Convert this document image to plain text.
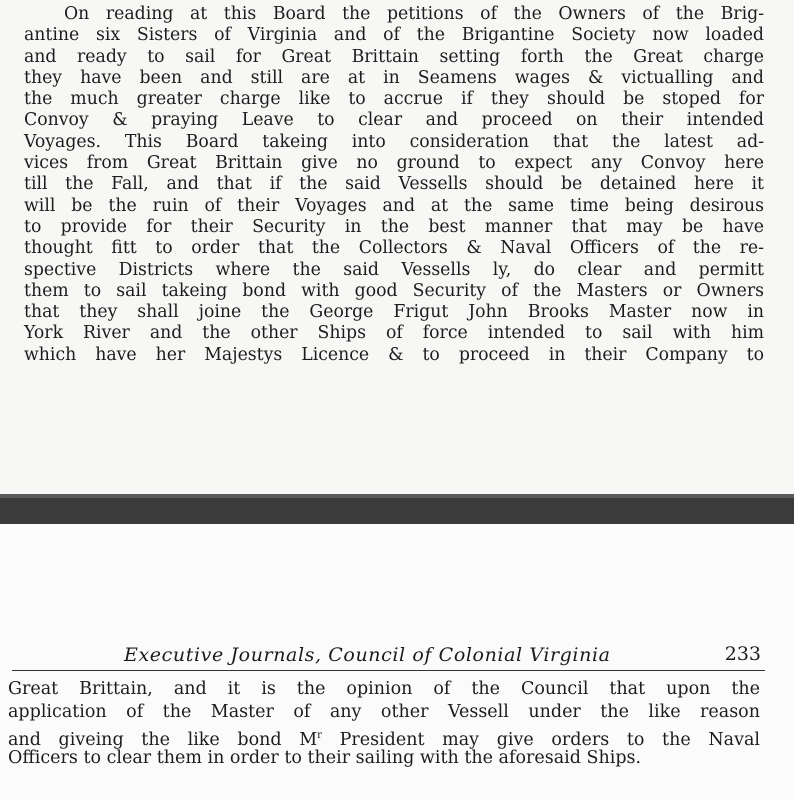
On reading at this Board the petitions of the Owners of the Brig-
antine six Sisters of Virginia and of the Brigantine Society now loaded
and ready to sail for Great Brittain setting forth the Great charge
they have been and still are at in Seamens wages & victualling and
the much greater charge like to accrue if they should be stoped for
Convoy & praying Leave to clear and proceed on their intended
Voyages. This Board takeing into consideration that the latest ad-
vices from Great Brittain give no ground to expect any Convoy here
till the Fall, and that if the said Vessells should be detained here it
will be the ruin of their Voyages and at the same time being desirous
to provide for their Security in the best manner that may be have
thought fitt to order that the Collectors & Naval Officers of the re-
spective Districts where the said Vessells ly, do clear and permitt
them to sail takeing bond with good Security of the Masters or Owners
that they shall joine the George Frigut John Brooks Master now in
York River and the other Ships of force intended to sail with him
which have her Majestys Licence & to proceed in their Company to
Executive Journals, Council of Colonial Virginia	233
Great Brittain, and it is the opinion of the Council that upon the
application of the Master of any other Vessell under the like reason
and giveing the like bond $M^r$ President may give orders to the Naval
Officers to clear them in order to their sailing with the aforesaid Ships.
